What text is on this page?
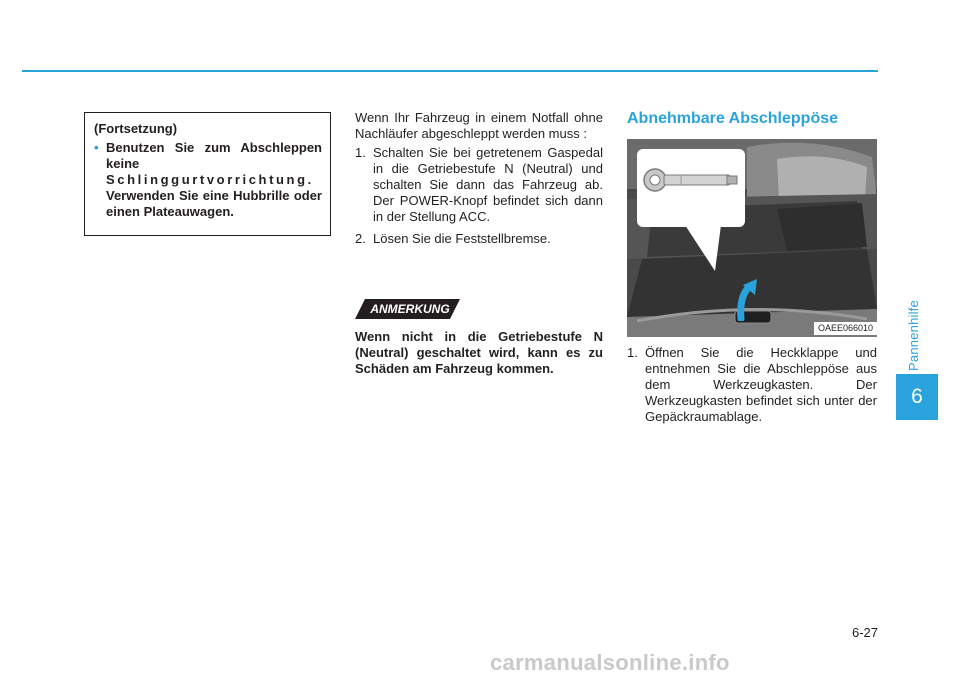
Pannenhilfe
6
(Fortsetzung)
• Benutzen Sie zum Abschleppen keine

Schlinggurtvorrichtung.

Verwenden Sie eine Hubbrille oder einen Plateauwagen.

Wenn Ihr Fahrzeug in einem Notfall ohne Nachläufer abgeschleppt werden muss :

1. Schalten Sie bei getretenem Gaspedal in die Getriebestufe N (Neutral) und schalten Sie dann das Fahrzeug ab. Der POWER-Knopf befindet sich dann in der Stellung ACC.
2. Lösen Sie die Feststellbremse.
ANMERKUNG

Wenn nicht in die Getriebestufe N (Neutral) geschaltet wird, kann es zu Schäden am Fahrzeug kommen.

Abnehmbare Abschleppöse
OAEE066010
1. Öffnen Sie die Heckklappe und entnehmen Sie die Abschleppöse aus dem Werkzeugkasten. Der Werkzeugkasten befindet sich unter der Gepäckraumablage.
6-27
carmanualsonline.info
